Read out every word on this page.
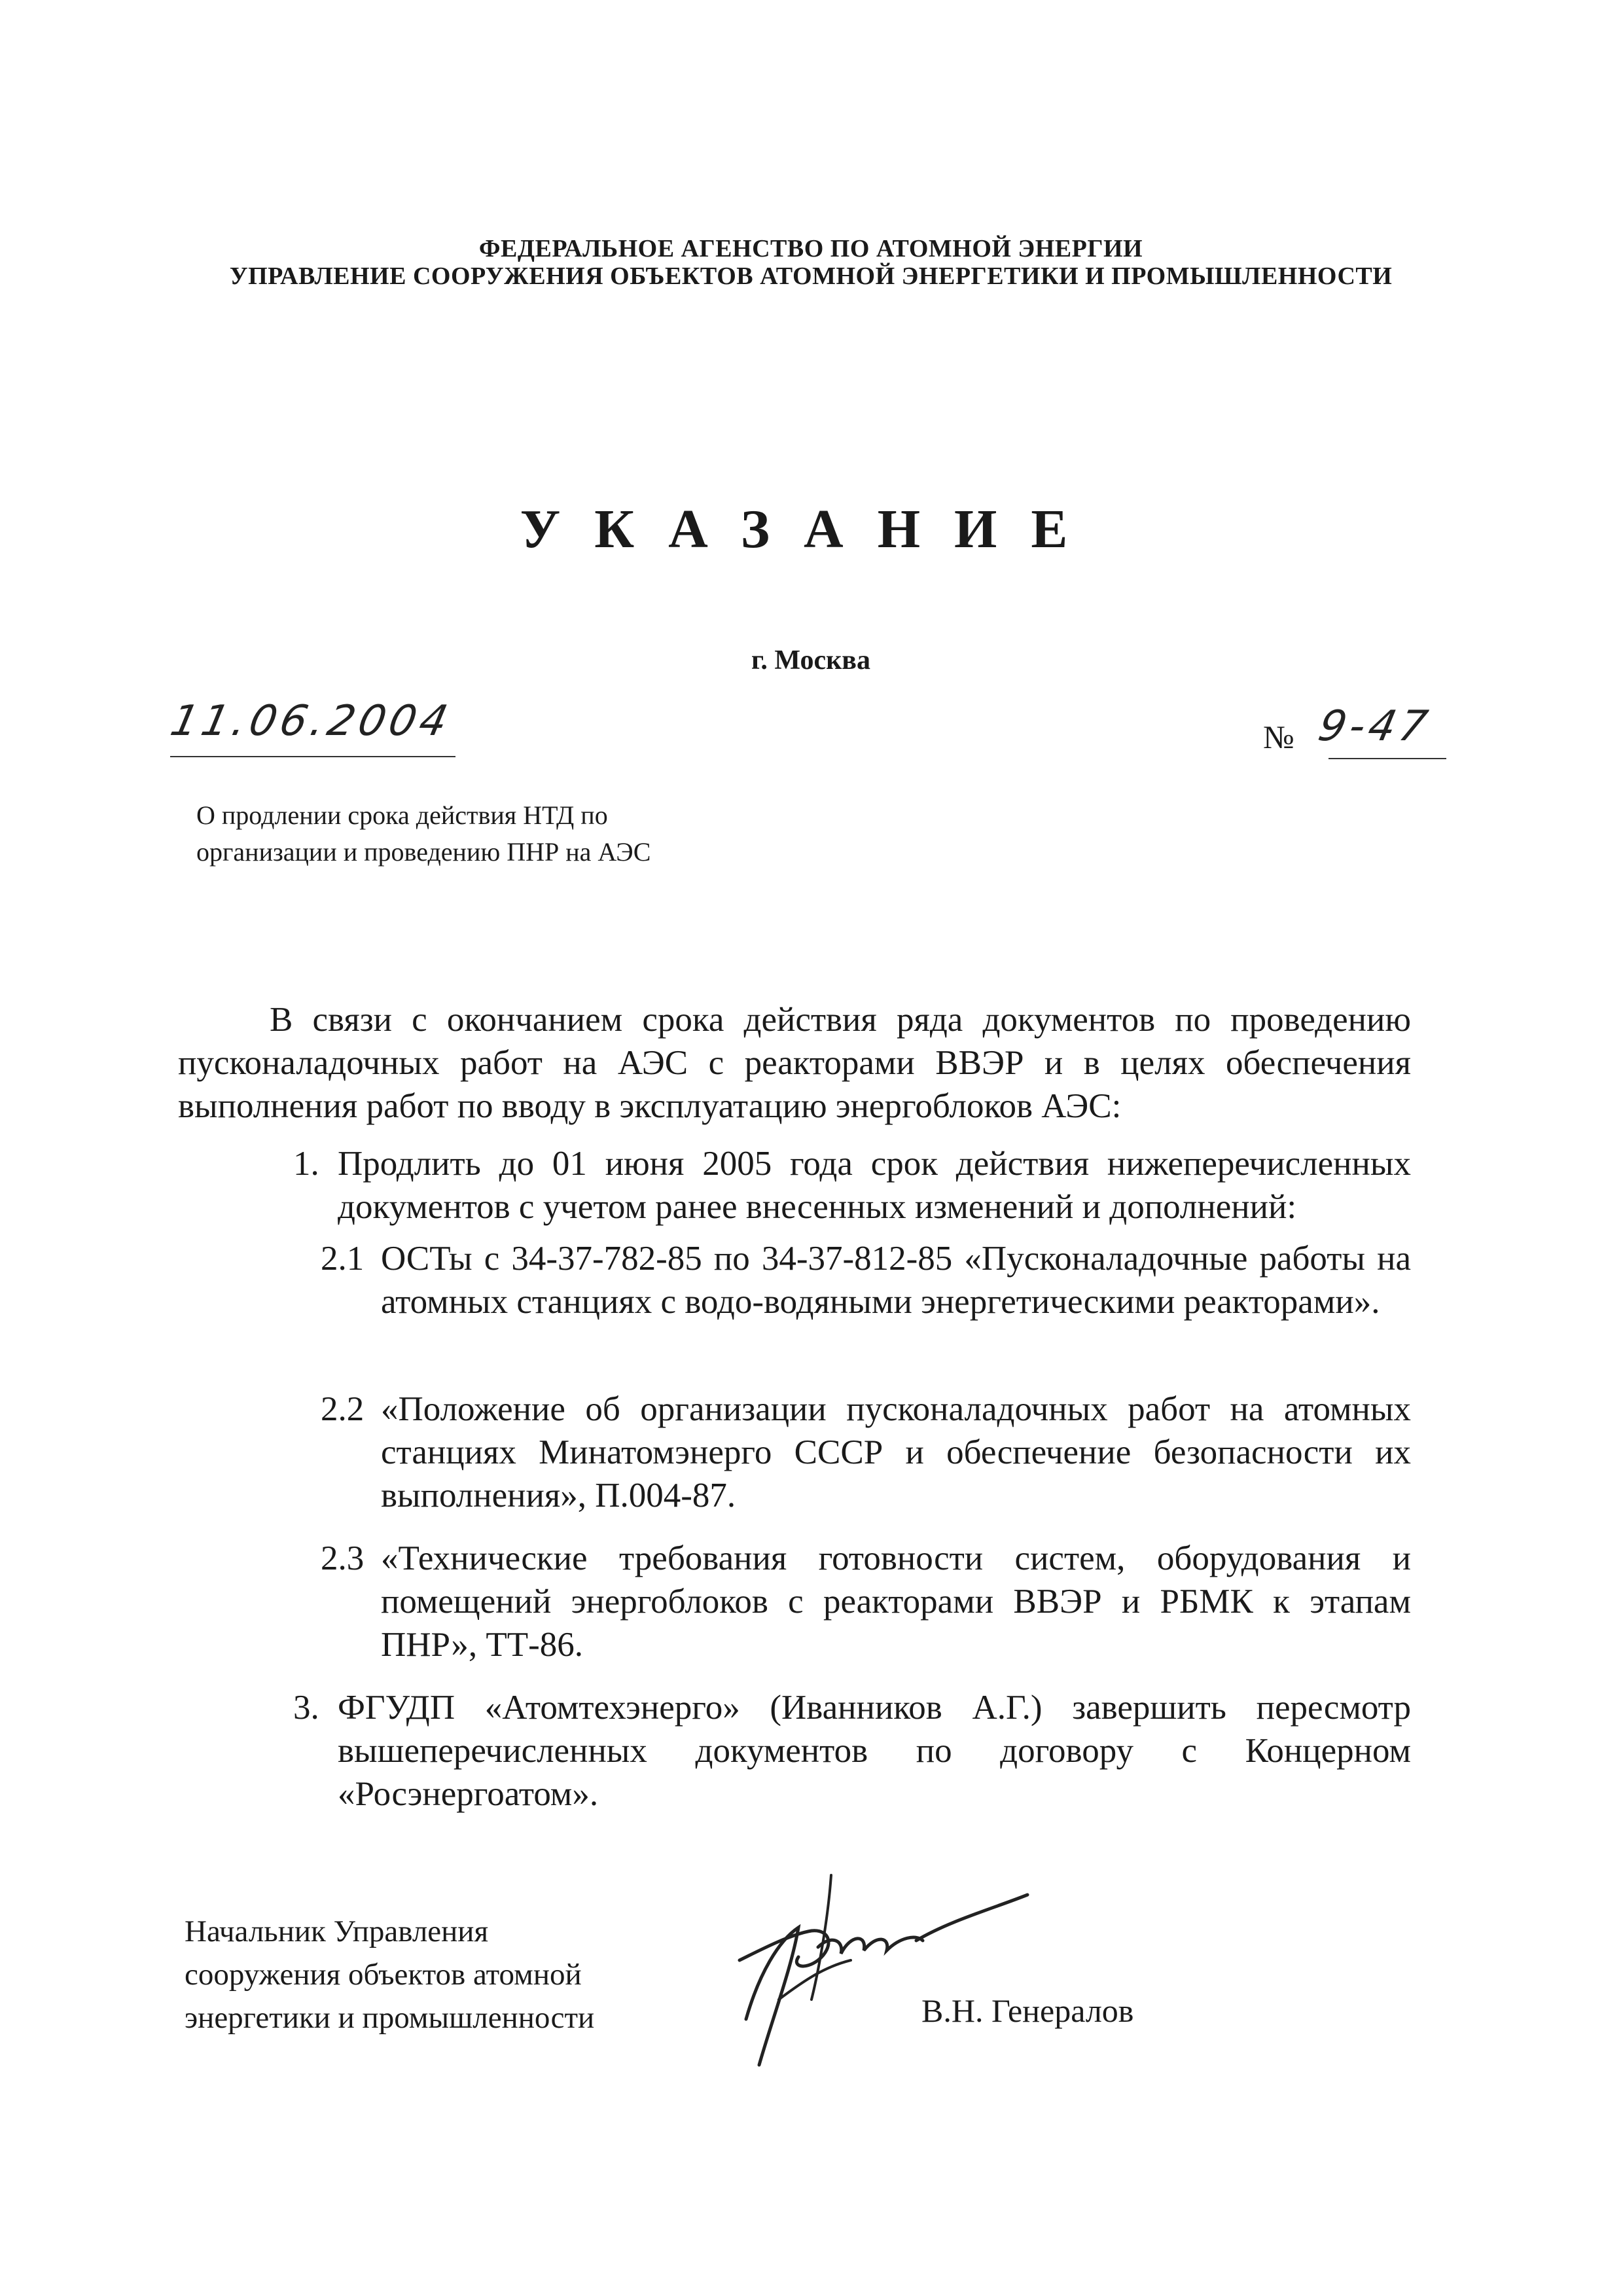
ФЕДЕРАЛЬНОЕ АГЕНСТВО ПО АТОМНОЙ ЭНЕРГИИ
УПРАВЛЕНИЕ СООРУЖЕНИЯ ОБЪЕКТОВ АТОМНОЙ ЭНЕРГЕТИКИ И ПРОМЫШЛЕННОСТИ
УКАЗАНИЕ
г. Москва
11.06.2004	№ 9-47
О продлении срока действия НТД по
организации и проведению ПНР на АЭС
В связи с окончанием срока действия ряда документов по проведению пусконаладочных работ на АЭС с реакторами ВВЭР и в целях обеспечения выполнения работ по вводу в эксплуатацию энергоблоков АЭС:
1. Продлить до 01 июня 2005 года срок действия нижеперечисленных документов с учетом ранее внесенных изменений и дополнений:
2.1 ОСТы с 34-37-782-85 по 34-37-812-85 «Пусконаладочные работы на атомных станциях с водо-водяными энергетическими реакторами».
2.2 «Положение об организации пусконаладочных работ на атомных станциях Минатомэнерго СССР и обеспечение безопасности их выполнения», П.004-87.
2.3 «Технические требования готовности систем, оборудования и помещений энергоблоков с реакторами ВВЭР и РБМК к этапам ПНР», ТТ-86.
3. ФГУДП «Атомтехэнерго» (Иванников А.Г.) завершить пересмотр вышеперечисленных документов по договору с Концерном «Росэнергоатом».
Начальник Управления
сооружения объектов атомной
энергетики и промышленности	В.Н. Генералов
